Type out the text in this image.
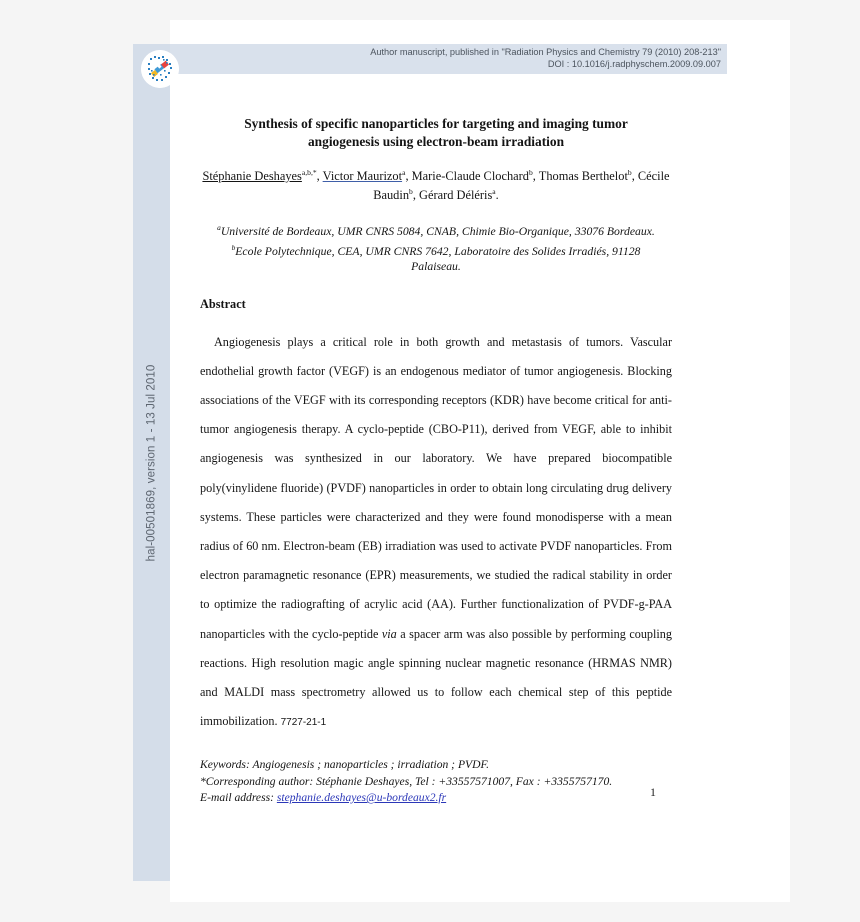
Author manuscript, published in "Radiation Physics and Chemistry 79 (2010) 208-213"
DOI : 10.1016/j.radphyschem.2009.09.007
hal-00501869, version 1 - 13 Jul 2010
Synthesis of specific nanoparticles for targeting and imaging tumor angiogenesis using electron-beam irradiation
Stéphanie Deshayes$^{a,b,*}$, Victor Maurizot$^a$, Marie-Claude Clochard$^b$, Thomas Berthelot$^b$, Cécile Baudin$^b$, Gérard Déléris$^a$.
$^a$Université de Bordeaux, UMR CNRS 5084, CNAB, Chimie Bio-Organique, 33076 Bordeaux.
$^b$Ecole Polytechnique, CEA, UMR CNRS 7642, Laboratoire des Solides Irradiés, 91128 Palaiseau.
Abstract
Angiogenesis plays a critical role in both growth and metastasis of tumors. Vascular endothelial growth factor (VEGF) is an endogenous mediator of tumor angiogenesis. Blocking associations of the VEGF with its corresponding receptors (KDR) have become critical for anti-tumor angiogenesis therapy. A cyclo-peptide (CBO-P11), derived from VEGF, able to inhibit angiogenesis was synthesized in our laboratory. We have prepared biocompatible poly(vinylidene fluoride) (PVDF) nanoparticles in order to obtain long circulating drug delivery systems. These particles were characterized and they were found monodisperse with a mean radius of 60 nm. Electron-beam (EB) irradiation was used to activate PVDF nanoparticles. From electron paramagnetic resonance (EPR) measurements, we studied the radical stability in order to optimize the radiografting of acrylic acid (AA). Further functionalization of PVDF-g-PAA nanoparticles with the cyclo-peptide via a spacer arm was also possible by performing coupling reactions. High resolution magic angle spinning nuclear magnetic resonance (HRMAS NMR) and MALDI mass spectrometry allowed us to follow each chemical step of this peptide immobilization. 7727-21-1
Keywords: Angiogenesis ; nanoparticles ; irradiation ; PVDF.
*Corresponding author: Stéphanie Deshayes, Tel : +33557571007, Fax : +3355757170.
E-mail address: stephanie.deshayes@u-bordeaux2.fr	1
